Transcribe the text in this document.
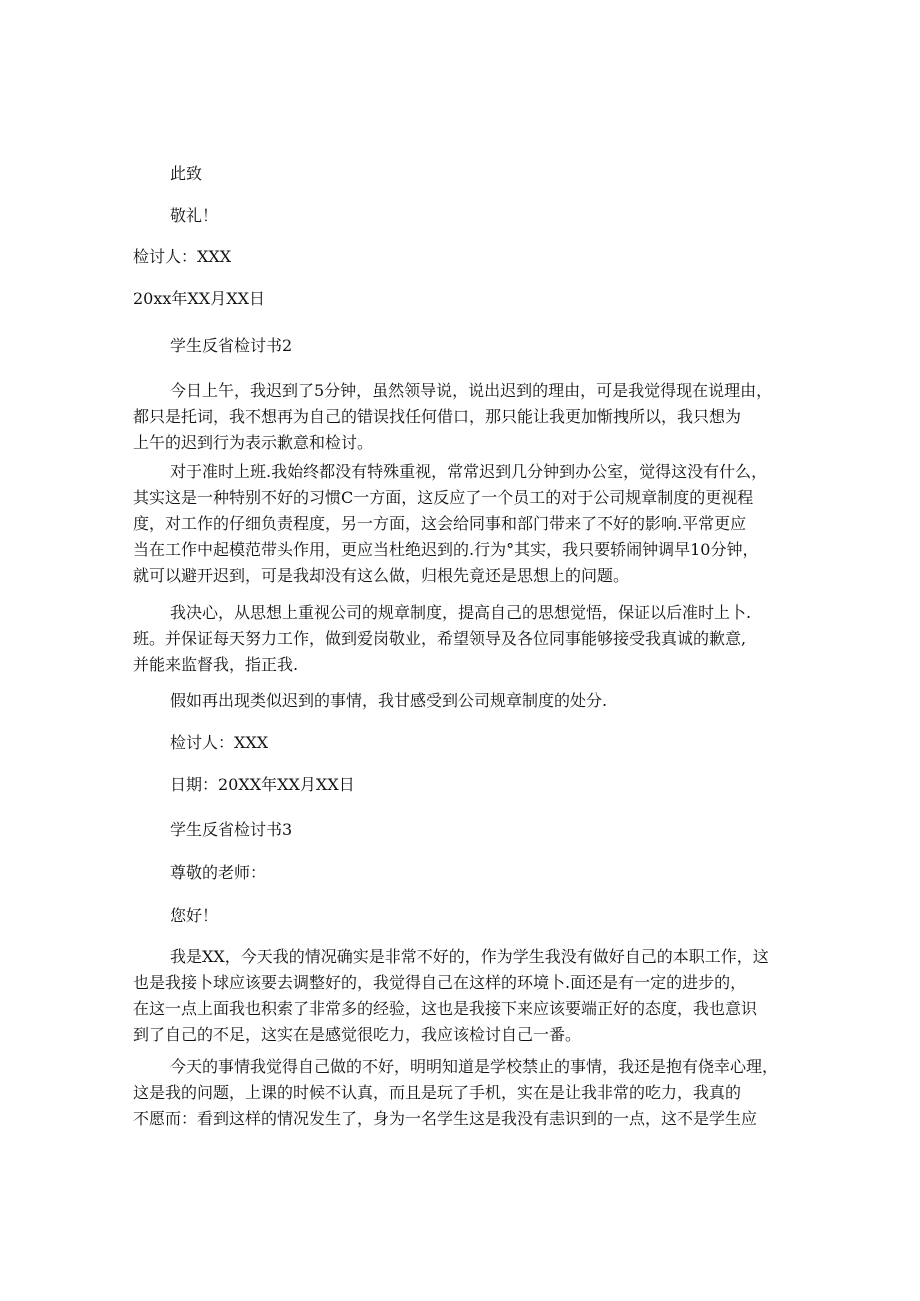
此致
敬礼！
检讨人：XXX
20xx年XX月XX日
学生反省检讨书2
今日上午，我迟到了5分钟，虽然领导说，说出迟到的理由，可是我觉得现在说理由，
都只是托词，我不想再为自己的错误找任何借口，那只能让我更加惭拽所以，我只想为
上午的迟到行为表示歉意和检讨。
对于准时上班.我始终都没有特殊重视，常常迟到几分钟到办公室，觉得这没有什么，
其实这是一种特别不好的习惯C一方面，这反应了一个员工的对于公司规章制度的更视程
度，对工作的仔细负责程度，另一方面，这会给同事和部门带来了不好的影响.平常更应
当在工作中起模范带头作用，更应当杜绝迟到的.行为°其实，我只要轿闹钟调早10分钟，
就可以避开迟到，可是我却没有这么做，归根先竟还是思想上的问题。
我决心，从思想上重视公司的规章制度，提高自己的思想觉悟，保证以后准时上卜.
班。并保证每天努力工作，做到爱岗敬业，希望领导及各位同事能够接受我真诚的歉意,
并能来监督我，指正我.
假如再出现类似迟到的事情，我甘感受到公司规章制度的处分.
检讨人：XXX
日期：20XX年XX月XX日
学生反省检讨书3
尊敬的老师：
您好！
我是XX，今天我的情况确实是非常不好的，作为学生我没有做好自己的本职工作，这
也是我接卜球应该要去调整好的，我觉得自己在这样的环境卜.面还是有一定的进步的，
在这一点上面我也积索了非常多的经验，这也是我接下来应该要端正好的态度，我也意识
到了自己的不足，这实在是感觉很吃力，我应该检讨自己一番。
今天的事情我觉得自己做的不好，明明知道是学校禁止的事情，我还是抱有侥幸心理，
这是我的问题，上课的时候不认真，而且是玩了手机，实在是让我非常的吃力，我真的
不愿而：看到这样的情况发生了，身为一名学生这是我没有恚识到的一点，这不是学生应
